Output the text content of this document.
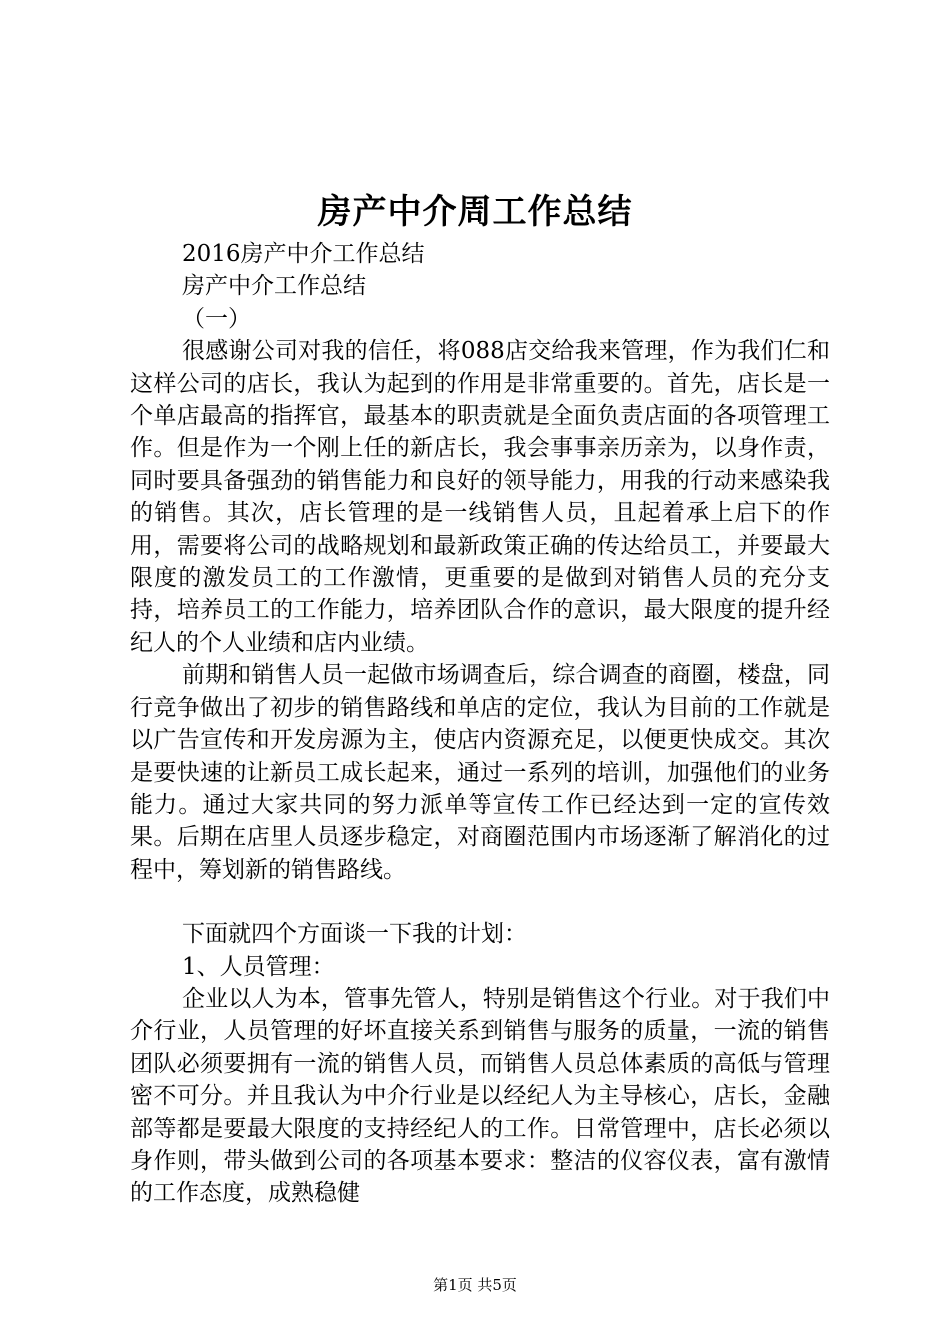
房产中介周工作总结

2016房产中介工作总结

房产中介工作总结

（一）

很感谢公司对我的信任，将088店交给我来管理，作为我们仁和这样公司的店长，我认为起到的作用是非常重要的。首先，店长是一个单店最高的指挥官，最基本的职责就是全面负责店面的各项管理工作。但是作为一个刚上任的新店长，我会事事亲历亲为，以身作责，同时要具备强劲的销售能力和良好的领导能力，用我的行动来感染我的销售。其次，店长管理的是一线销售人员，且起着承上启下的作用，需要将公司的战略规划和最新政策正确的传达给员工，并要最大限度的激发员工的工作激情，更重要的是做到对销售人员的充分支持，培养员工的工作能力，培养团队合作的意识，最大限度的提升经纪人的个人业绩和店内业绩。

前期和销售人员一起做市场调查后，综合调查的商圈，楼盘，同行竞争做出了初步的销售路线和单店的定位，我认为目前的工作就是以广告宣传和开发房源为主，使店内资源充足，以便更快成交。其次是要快速的让新员工成长起来，通过一系列的培训，加强他们的业务能力。通过大家共同的努力派单等宣传工作已经达到一定的宣传效果。后期在店里人员逐步稳定，对商圈范围内市场逐渐了解消化的过程中，筹划新的销售路线。

下面就四个方面谈一下我的计划：

1、人员管理：

企业以人为本，管事先管人，特别是销售这个行业。对于我们中介行业，人员管理的好坏直接关系到销售与服务的质量，一流的销售团队必须要拥有一流的销售人员，而销售人员总体素质的高低与管理密不可分。并且我认为中介行业是以经纪人为主导核心，店长，金融部等都是要最大限度的支持经纪人的工作。日常管理中，店长必须以身作则，带头做到公司的各项基本要求：整洁的仪容仪表，富有激情的工作态度，成熟稳健

第1页 共5页
